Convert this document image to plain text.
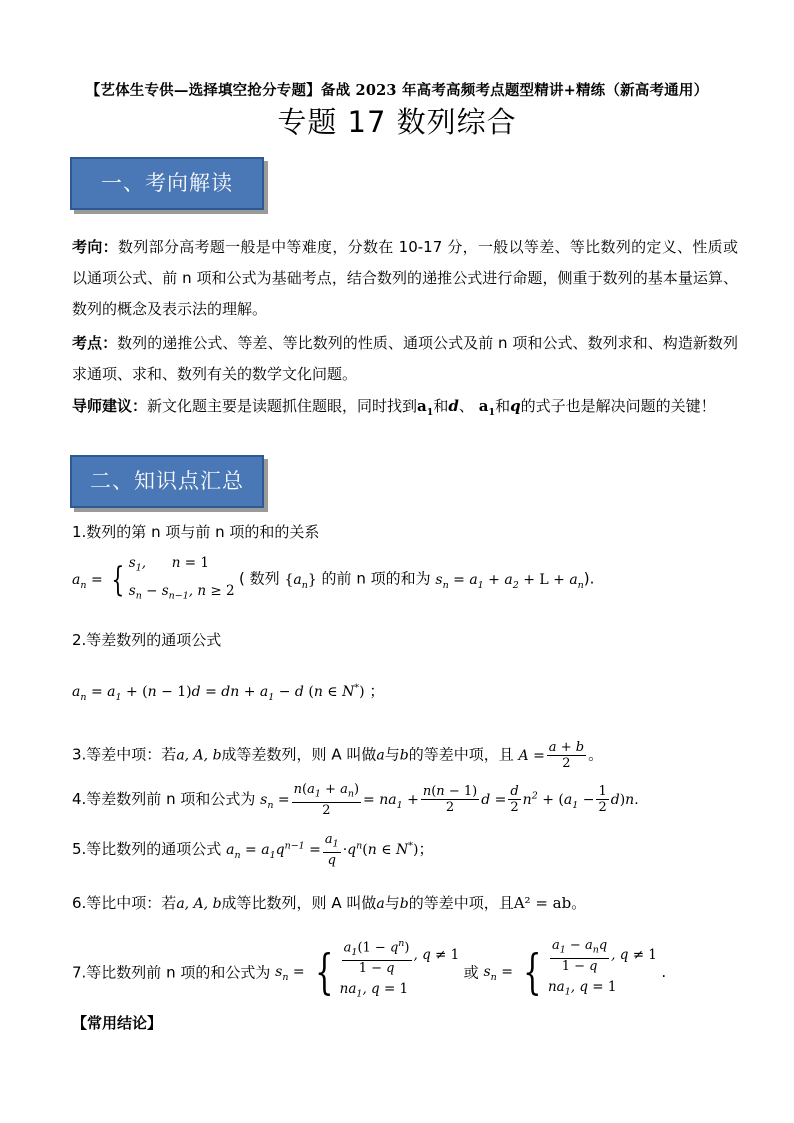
【艺体生专供—选择填空抢分专题】备战 2023 年高考高频考点题型精讲+精练（新高考通用）
专题 17 数列综合
一、考向解读
考向：数列部分高考题一般是中等难度，分数在 10-17 分，一般以等差、等比数列的定义、性质或以通项公式、前 n 项和公式为基础考点，结合数列的递推公式进行命题，侧重于数列的基本量运算、数列的概念及表示法的理解。
考点：数列的递推公式、等差、等比数列的性质、通项公式及前 n 项和公式、数列求和、构造新数列求通项、求和、数列有关的数学文化问题。
导师建议：新文化题主要是读题抓住题眼，同时找到$a_1$和d、 $a_1$和q的式子也是解决问题的关键！
二、知识点汇总
1.数列的第 n 项与前 n 项的和的关系
$a_n$ = { $s_1$,      n = 1
$s_n - s_{n-1}$, n ≥ 2 ( 数列 $\{a_n\}$ 的前 n 项的和为 $s_n = a_1 + a_2 + L + a_n$).
2.等差数列的通项公式
$a_n = a_1 + (n - 1)d$ = dn + $a_1 - d$ (n ∈ N*) ；
3.等差中项：若a, A, b成等差数列，则 A 叫做a与b的等差中项，且 $A = \frac{a + b}{2}$ 。
4.等差数列前 n 项和公式为 $s_n = \frac{n(a_1 + a_n)}{2} = na_1 + \frac{n(n - 1)}{2}$ $d = \frac{d}{2} n^2 + (a_1 - \frac{1}{2} d)n$.
5.等比数列的通项公式 $a_n = a_1q^{n-1} = \frac{a_1}{q} \cdot q^n(n$ ∈ N*)；
6.等比中项：若a, A, b成等比数列，则 A 叫做a与b的等差中项，且A² = ab。
7.等比数列前 n 项的和公式为 $s_n$ = { $\frac{a_1(1 - q^n)}{1 - q}$ , q ≠ 1
$na_1$, q = 1 或 $s_n$ = { $\frac{a_1 - a_nq}{1 - q}$ , q ≠ 1
$na_1$, q = 1 .
【常用结论】
